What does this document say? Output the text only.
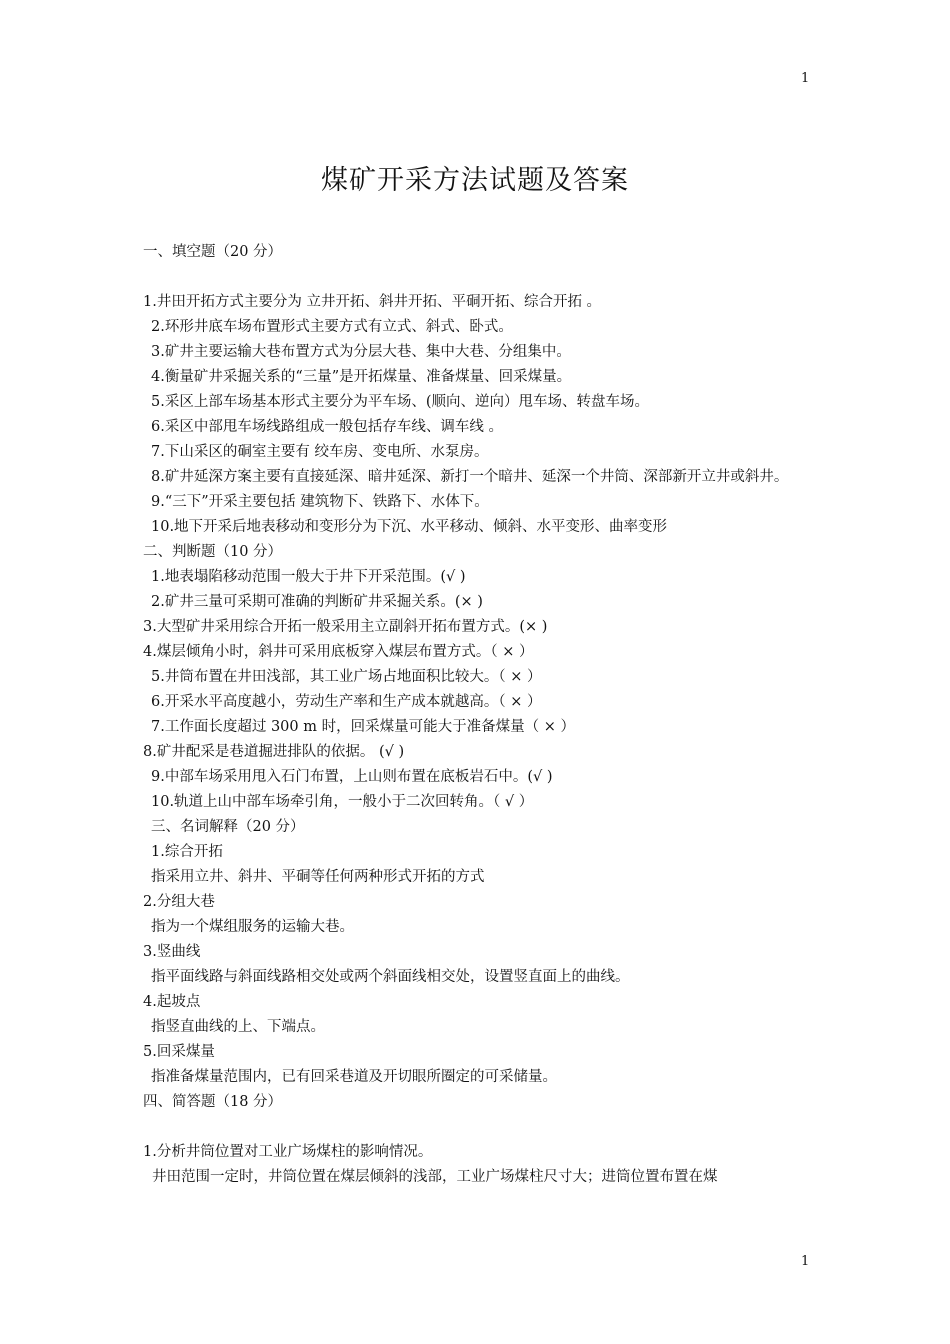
1
煤矿开采方法试题及答案
一、填空题（20 分）
1.井田开拓方式主要分为 立井开拓、斜井开拓、平硐开拓、综合开拓 。
2.环形井底车场布置形式主要方式有立式、斜式、卧式。
3.矿井主要运输大巷布置方式为分层大巷、集中大巷、分组集中。
4.衡量矿井采掘关系的“三量”是开拓煤量、准备煤量、回采煤量。
5.采区上部车场基本形式主要分为平车场、(顺向、逆向）甩车场、转盘车场。
6.采区中部甩车场线路组成一般包括存车线、调车线 。
7.下山采区的硐室主要有 绞车房、变电所、水泵房。
8.矿井延深方案主要有直接延深、暗井延深、新打一个暗井、延深一个井筒、深部新开立井或斜井。
9.“三下”开采主要包括 建筑物下、铁路下、水体下。
10.地下开采后地表移动和变形分为下沉、水平移动、倾斜、水平变形、曲率变形
二、判断题（10 分）
1.地表塌陷移动范围一般大于井下开采范围。(√ )
2.矿井三量可采期可准确的判断矿井采掘关系。(× )
3.大型矿井采用综合开拓一般采用主立副斜开拓布置方式。(× )
4.煤层倾角小时，斜井可采用底板穿入煤层布置方式。（ × ）
5.井筒布置在井田浅部，其工业广场占地面积比较大。（ × ）
6.开采水平高度越小，劳动生产率和生产成本就越高。（ × ）
7.工作面长度超过 300 m 时，回采煤量可能大于准备煤量（ × ）
8.矿井配采是巷道掘进排队的依据。 (√ )
9.中部车场采用甩入石门布置，上山则布置在底板岩石中。(√ )
10.轨道上山中部车场牵引角，一般小于二次回转角。（ √ ）
三、名词解释（20 分）
1.综合开拓
指采用立井、斜井、平硐等任何两种形式开拓的方式
2.分组大巷
指为一个煤组服务的运输大巷。
3.竖曲线
指平面线路与斜面线路相交处或两个斜面线相交处，设置竖直面上的曲线。
4.起坡点
指竖直曲线的上、下端点。
5.回采煤量
指准备煤量范围内，已有回采巷道及开切眼所圈定的可采储量。
四、简答题（18 分）
1.分析井筒位置对工业广场煤柱的影响情况。
井田范围一定时，井筒位置在煤层倾斜的浅部，工业广场煤柱尺寸大；进筒位置布置在煤
1
